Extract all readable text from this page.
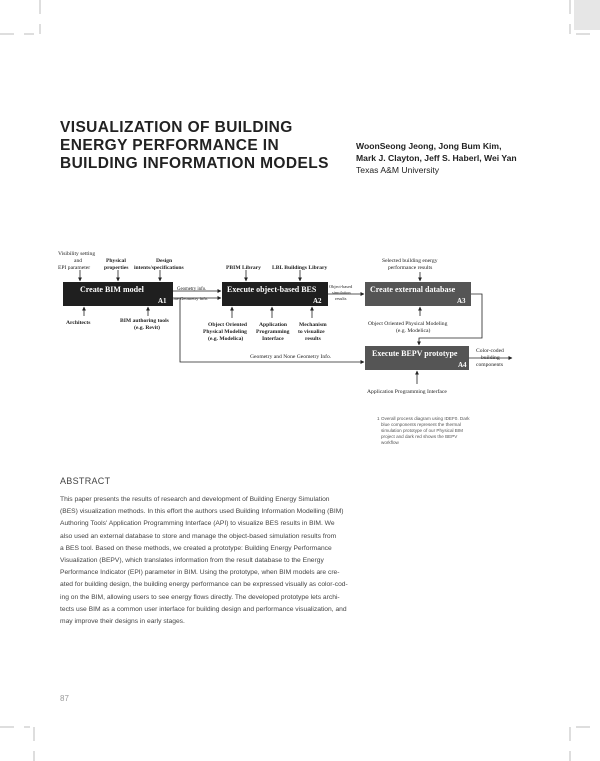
VISUALIZATION OF BUILDING
ENERGY PERFORMANCE IN
BUILDING INFORMATION MODELS
WoonSeong Jeong, Jong Bum Kim,
Mark J. Clayton, Jeff S. Haberl, Wei Yan
Texas A&M University
Create BIM model
A1
Execute object-based BES
A2
Create external database
A3
Execute BEPV prototype
A4
Visibility setting
and
EPI parameter
Physical
properties
Design
intents/specifications	PBIM Library LBL Buildings Library
Selected building energy
performance results
Geometry info.
None Geometry info.
Object-based
simulation
results
Architects	BIM authoring tools
(e.g. Revit)	Object Oriented
Physical Modeling
(e.g. Modelica)
Application
Programming
Interface
Mechanism
to visualize
results
Object Oriented Physical Modeling
(e.g. Modelica)
Geometry and None Geometry Info.
Color-coded
building
components
Application Programming Interface
1 Overall process diagram using IDEF0. Dark
blue components represent the thermal
simulation prototype of our Physical BIM
project and dark red shows the BEPV
workflow
ABSTRACT
This paper presents the results of research and development of Building Energy Simulation
(BES) visualization methods. In this effort the authors used Building Information Modelling (BIM)
Authoring Tools' Application Programming Interface (API) to visualize BES results in BIM. We
also used an external database to store and manage the object-based simulation results from
a BES tool. Based on these methods, we created a prototype: Building Energy Performance
Visualization (BEPV), which translates information from the result database to the Energy
Performance Indicator (EPI) parameter in BIM. Using the prototype, when BIM models are cre-
ated for building design, the building energy performance can be expressed visually as color-cod-
ing on the BIM, allowing users to see energy flows directly. The developed prototype lets archi-
tects use BIM as a common user interface for building design and performance visualization, and
may improve their designs in early stages.
87
